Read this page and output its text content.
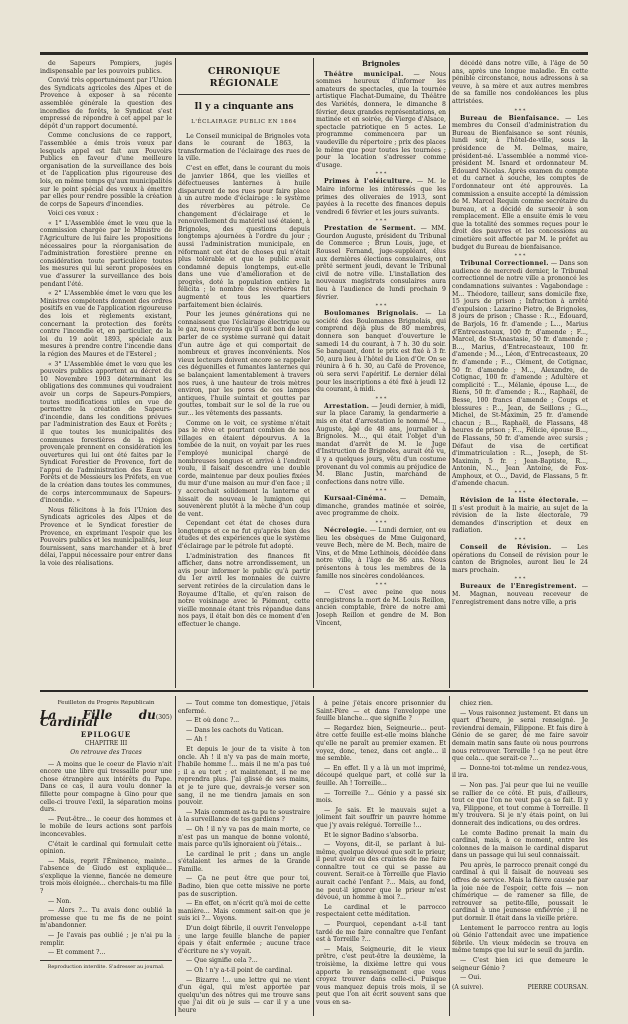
de Sapeurs Pompiers, jugés indispensable par les pouvoirs publics.

Convié très opportunément par l'Union des Syndicats agricoles des Alpes et de Provence à exposer à sa récente assemblée générale la question des incendies de forêts, le Syndicat s'est empressé de répondre à cet appel par le dépôt d'un rapport documenté.

Comme conclusions de ce rapport, l'assemblée a émis trois vœux par lesquels appel est fait aux Pouvoirs Publics en faveur d'une meilleure organisation de la surveillance des bois et de l'application plus rigoureuse des lois, en même temps qu'aux municipalités sur le point spécial des vœux à émettre par elles pour rendre possible la création de corps de Sapeurs d'incendies.

Voici ces vœux :

« 1° L'Assemblée émet le vœu que la commission chargée par le Ministre de l'Agriculture de lui faire les propositions nécessaires pour la réorganisation de l'administration forestière prenne en considération toute particulière toutes les mesures qui lui seront proposées en vue d'assurer la surveillance des bois pendant l'été.

« 2° L'Assemblée émet le vœu que les Ministres compétents donnent des ordres positifs en vue de l'application rigoureuse des lois et règlements existant, concernant la protection des forêts contre l'incendie et, en particulier, de la loi du 19 août 1893, spéciale aux mesures à prendre contre l'incendie dans la région des Maures et de l'Esterel ;

« 3° L'Assemblée émet le vœu que les pouvoirs publics apportent au décret du 10 Novembre 1903 déterminant les obligations des communes qui voudraient avoir un corps de Sapeurs-Pompiers, toutes modifications utiles en vue de permettre la création de Sapeurs-d'incendie, dans les conditions prévues par l'administration des Eaux et Forêts ; il que toutes les municipalités des communes forestières de la région provençale prennent en considération les ouvertures qui lui ont été faites par le Syndicat Forestier de Provence, fort de l'appui de l'administration des Eaux et Forêts et de Messieurs les Préfets, en vue de la création dans toutes les communes, de corps intercommunaux de Sapeurs-d'incendie. »

Nous félicitons à la fois l'Union des Syndicats agricoles des Alpes et de Provence et le Syndicat forestier de Provence, en exprimant l'espoir que les Pouvoirs publics et les municipalités, leur fournissent, sans marchander et à bref délai, l'appui nécessaire pour entrer dans la voie des réalisations.

CHRONIQUE RÉGIONALE
Il y a cinquante ans
L'ÉCLAIRAGE PUBLIC EN 1864

Le Conseil municipal de Brignoles vota dans le courant de 1863, la transformation de l'éclairage des rues de la ville.

C'est en effet, dans le courant du mois de janvier 1864, que les vieilles et défectueuses lanternes à huile disparurent de nos rues pour faire place à un autre mode d'éclairage : le système des réverbères au pétrole. Ce changement d'éclairage et le renouvellement du matériel usé étaient, à Brignoles, des questions depuis longtemps ajournées à l'ordre du jour ; aussi l'administration municipale, en réformant cet état de choses qui n'était plus tolérable et que le public avait condamné depuis longtemps, eut-elle dans une vue d'amélioration et de progrès, doté la population entière la félicita ; le nombre des réverbères fut augmenté et tous les quartiers parfaitement bien éclairés.

Pour les jeunes générations qui ne connaissent que l'éclairage électrique ou le gaz, nous croyons qu'il soit bon de leur parler de ce système surrané qui datait d'un autre âge et qui comportait de nombreux et graves inconvénients. Nos vieux lecteurs doivent encore se rappeler ces déguenilles et fumantes lanternes qui se balançaient lamentablement à travers nos rues, à une hauteur de trois mètres environ, par les pores de ces lampes antiques, l'huile suintait et gouttes par gouttes, tombait sur le sol de la rue ou sur... les vêtements des passants.

Comme on le voit, ce système n'était pas le rêve et pourtant combien de nos villages en étaient dépourvus. A la tombée de la nuit, on voyait par les rues l'employé municipal chargé de nombreuses longues et arrivé à l'endroit voulu, il faisait descendre une double corde, maintenue par deux poulies fixées du mur d'une maison au mur d'en face ; il y accrochait solidement la lanterne et hissait de nouveau le lumignon qui souvenèrent plutôt à la mèche d'un coup de vent.

Cependant cet état de choses dura longtemps et ce ne fut qu'après bien des études et des expériences que le système d'éclairage par le pétrole fut adopté.

L'administration des finances fit afficher, dans notre arrondissement, un avis pour informer le public qu'à partir du 1er avril les monnaies de cuivre servent retirées de la circulation dans le Royaume d'Italie, et qu'en raison de notre voisinage avec le Piémont, cette vieille monnaie étant très répandue dans nos pays, il était bon dès ce moment d'en effectuer le change.

Brignoles

Théâtre municipal. — Nous sommes heureux d'informer les amateurs de spectacles, que la tournée artistique Flachat-Dumaine, du Théâtre des Variétés, donnera, le dimanche 8 février, deux grandes représentations, en matinée et en soirée, de Vierge d'Alsace, spectacle patriotique en 5 actes. Le programme commencera par un vaudeville du répertoire ; prix des places le même que pour toutes les tournées ; pour la location s'adresser comme d'usage.

* * *

Primes à l'oléiculture. — M. le Maire informe les intéressés que les primes des oliveraies de 1913, sont payées à la recette des finances depuis vendredi 6 février et les jours suivants.

* * *

Prestation de Serment. — MM. Gourdon Auguste, président du Tribunal de Commerce ; Brun Louis, juge, et Roussel Fernand, juge-suppléant, élus aux dernières élections consulaires, ont prêté serment jeudi, devant le Tribunal civil de notre ville. L'installation des nouveaux magistrats consulaires aura lieu à l'audience de lundi prochain 9 février.

* * *

Boulomanes Brignolais. — La société des Boulomanes Brignolais, qui comprend déjà plus de 80 membres, donnera son banquet d'ouverture le samedi 14 du courant, à 7 h. 30 du soir. Se banquant, dont le prix est fixé à 3 fr. 50, aura lieu à l'hôtel du Lion d'Or. On se réunira à 6 h. 30, au Café de Provence, où sera servi l'apéritif. Le dernier délai pour les inscriptions a été fixé à jeudi 12 du courant, à midi.

* * *

Arrestation. — Jeudi dernier, à midi, sur la place Caramy, la gendarmerie a mis en état d'arrestation le nommé M..., Auguste, âgé de 48 ans, journalier à Brignoles. M..., qui était l'objet d'un mandat d'arrêt de M. le Juge d'Instruction de Brignoles, aurait été vu, il y a quelques jours, vêtu d'un costume provenant du vol commis au préjudice de M. Blanc Justin, marchand de confections dans notre ville.

* * *

Kursaal-Cinéma. — Demain, dimanche, grandes matinée et soirée, avec programme de choix.

* * *

Nécrologie. — Lundi dernier, ont eu lieu les obsèques de Mme Guigonard, veuve Bech, mère de M. Bech, maire de Vins, et de Mme Lethinois, décédée dans notre ville, à l'âge de 86 ans. Nous présentons à tous les membres de la famille nos sincères condoléances.

* * *

— C'est avec peine que nous enregistrons la mort de M. Louis Reillon, ancien comptable, frère de notre ami Joseph Reillon et gendre de M. Bon Vincent,

décédé dans notre ville, à l'âge de 50 ans, après une longue maladie. En cette pénible circonstance, nous adressons à sa veuve, à sa mère et aux autres membres de sa famille nos condoléances les plus attristées.

* * *

Bureau de Bienfaisance. — Les membres du Conseil d'administration du Bureau de Bienfaisance se sont réunis, lundi soir, à l'hôtel-de-ville, sous la présidence de M. Delmas, maire, président-né. L'assemblée a nommé vice-président M. Isnard et ordonnateur M. Edouard Nicolas. Après examen du compte et du carnet à souche, les comptes de l'ordonnateur ont été approuvés. La commission a ensuite accepté la démission de M. Marcel Requin comme secrétaire du bureau, et a décidé de surseoir à son remplacement. Elle a ensuite émis le vœu que la totalité des sommes reçues pour le droit des pauvres et les concessions au cimetière soit affectée par M. le préfet au budget du Bureau de bienfaisance.

* * *

Tribunal Correctionnel. — Dans son audience de mercredi dernier, le Tribunal correctionnel de notre ville a prononcé les condamnations suivantes : Vagabondage : M... Théodore, tailleur, sans domicile fixe, 15 jours de prison ; Infraction à arrêté d'expulsion : Lazarino Pietro, de Brignoles, 8 jours de prison ; Chasse : R..., Edouard, de Barjols, 16 fr. d'amende ; L..., Marius d'Entrecasteaux, 100 fr. d'amende ; F..., Marcel, de St-Anastasie, 50 fr. d'amende ; B..., Marius, d'Entrecasteaux, 100 fr. d'amende ; M..., Léon, d'Entrecasteaux, 20 fr. d'amende ; F..., Clément, de Cotignac, 50 fr. d'amende ; M..., Alexandre, de Cotignac, 100 fr. d'amende ; Adultère et complicité : T..., Mélanie, épouse L..., de Riens, 50 fr. d'amende ; R..., Raphaël, de Besse, 100 francs d'amende ; Coups et blessures : P..., Jean, de Seillons ; G..., Michel, de St-Maximin, 25 fr. d'amende chacun ; B..., Raphaël, de Flassans, 48 heures de prison ; F..., Félicie, épouse B..., de Flassans, 50 fr. d'amende avec sursis ; Défaut de visa de certificat d'immatriculation : R..., Joseph, de St-Maximin, 5 fr. ; Jean-Baptiste, R..., Antonin, N..., Jean Antoine, de Fox-Amphoux, et O..., David, de Flassans, 5 fr. d'amende chacun.

* * *

Révision de la liste électorale. — Il s'est produit à la mairie, au sujet de la révision de la liste électorale, 79 demandes d'inscription et deux en radiation.

* * *

Conseil de Révision. — Les opérations du Conseil de révision pour le canton de Brignoles, auront lieu le 24 mars prochain.

* * *

Bureaux de l'Enregistrement. — M. Magnan, nouveau receveur de l'enregistrement dans notre ville, a pris

Feuilleton du Progrès Républicain
La Fille du Cardinal	(305)
EPILOGUE
CHAPITRE III
On retrouve des Traces

— A moins que le coeur de Flavio n'ait encore une libre qui tressaille pour une chose étrangère aux intérêts du Pape. Dans ce cas, il aura voulu donner la fillette pour compagne à Gino pour que celle-ci trouve l'exil, la séparation moins durs.

— Peut-être... le coeur des hommes et le mobile de leurs actions sont parfois inconcevables.

C'était le cardinal qui formulait cette opinion.

— Mais, reprit l'Éminence, mainte... l'absence de Giudo est expliquée... s'explique la vienne, fiancée ne demeure trois mois éloignée... cherchais-tu ma fille ?

— Non.

— Alors ?... Tu avais donc oublié la promesse que tu me fis de ne point m'abandonner.

— Je l'avais pas oublié ; je n'ai pu la remplir.

— Et comment ?...

Reproduction interdite. S'adresser au journal.

— Tout comme ton domestique, j'étais enfermé.

— Et où donc ?...

— Dans les cachots du Vatican.

— Ah !

Et depuis le jour de ta visite à ton oncle. Ah ! il n'y va pas de main morte, l'habile homme !... mais il ne m'a pas tué ; il a eu tort ; et maintenant, il ne me reprendra plus. J'ai glissé de ses mains, et je te jure que, devrais-je verser son sang, il ne me tiendra jamais en son pouvoir.

— Mais comment as-tu pu te soustraire à la surveillance de tes gardiens ?

— Oh ! il n'y va pas de main morte, ce n'est pas un manque de bonne volonté, mais parce qu'ils ignoraient où j'étais...

Le cardinal le prit ; dans un angle s'étalaient les armes de la Grande Famille.

— Ça ne peut être que pour toi, Badino, bien que cette missive ne porte pas de suscription.

— En effet, on n'écrit qu'à moi de cette manière... Mais comment sait-on que je suis ici ?... Voyons.

D'un doigt fébrile, il ouvrit l'enveloppe ; une large feuille blanche de papier épais y était enfermée ; aucune trace d'écriture ne s'y voyait.

— Que signifie cela ?...

— Oh ! n'y a-t-il point de cardinal.

— Bizarre !... une lettre qui ne vient d'un égal, qui m'est apportée par quelqu'un des nôtres qui me trouve sans que j'ai dit où je suis — car il y a une heure

à peine j'étais encore prisonnier du Saint-Père — et dans l'enveloppe une feuille blanche... que signifie ?

— Regardez bien, Seigneurie... peut-être cette feuille est-elle moins blanche qu'elle ne paraît au premier examen. Et voyez, donc, tenez, dans cet angle... il me semble.

— En effet. Il y a là un mot imprimé, découpé quelque part, et collé sur la feuille. Ah ! Torreille...

— Torreille ?... Génio y a passé six mois.

— Je sais. Et le mauvais sujet a joliment fait souffrir un pauvre homme que j'y avais relégué. Torreille !...

Et le signor Badino s'absorba.

— Voyons, dit-il, se parlant à lui-même, quelque dévoué que soit le prieur, il peut avoir eu des craintes de me faire connaître tout ce qui se passe au couvent. Serait-ce à Torreille que Flavio aurait caché l'enfant ?... Mais, au fond, ne peut-il ignorer que le prieur m'est dévoué, un homme à moi ?...

Le cardinal et le parrocco respectaient cette méditation.

— Pourquoi, cependant a-t-il tant tardé de me faire connaître que l'enfant est à Torreille ?...

— Mais, Seigneurie, dit le vieux prêtre, c'est peut-être la deuxième, la troisième, la dixième lettre qui vous apporte le renseignement que vous croyez trouver dans celle-ci. Puisque vous manquez depuis trois mois, il se peut que l'on ait écrit souvent sans que vous en sa-

chiez rien.

— Vous raisonnez justement. Et dans un quart d'heure, je serai renseigné. Je reviendrai demain, Filippone. Et fais dire à Génio de se garer, de me faire savoir demain matin sans faute où nous pourrons nous retrouver. Torreille ! ça ne peut être que cela... que serait-ce ?...

— Donne-toi tot-même un rendez-vous, il ira.

— Non pas. J'ai peur que lui ne veuille se rallier de ce côté. Et puis, d'ailleurs, tout ce que l'on ne veut pas ça se fait. Il y va, Filippone, et tout comme à Torreille. Il m'y trouvera. Si je n'y étais point, on lui donnerait des indications, ou des ordres.

Le comte Badino prenait la main du cardinal, mais, à ce moment, entre les colonnes de la maison le cardinal disparut dans un passage qui lui seul connaissait.

Peu après, le parrocco prenait congé du cardinal à qui il faisait de nouveau ses offres de service. Mais la fièvre causée par la joie née de l'espoir, cette fois — non chimérique — de ramener sa fille, de retrouver sa petite-fille, poussait le cardinal à une jeunesse enfiévrée ; il ne put dormir. Il était dans la vieille prière.

Lentement le parrocco rentra au logis où Génio l'attendait avec une impatience fébrile. Un vieux médecin se trouva en même temps que lui sur le seuil du jardin.

— C'est bien ici que demeure le seigneur Génio ?

— Oui.

(A suivre).	PIERRE COURSAN.
